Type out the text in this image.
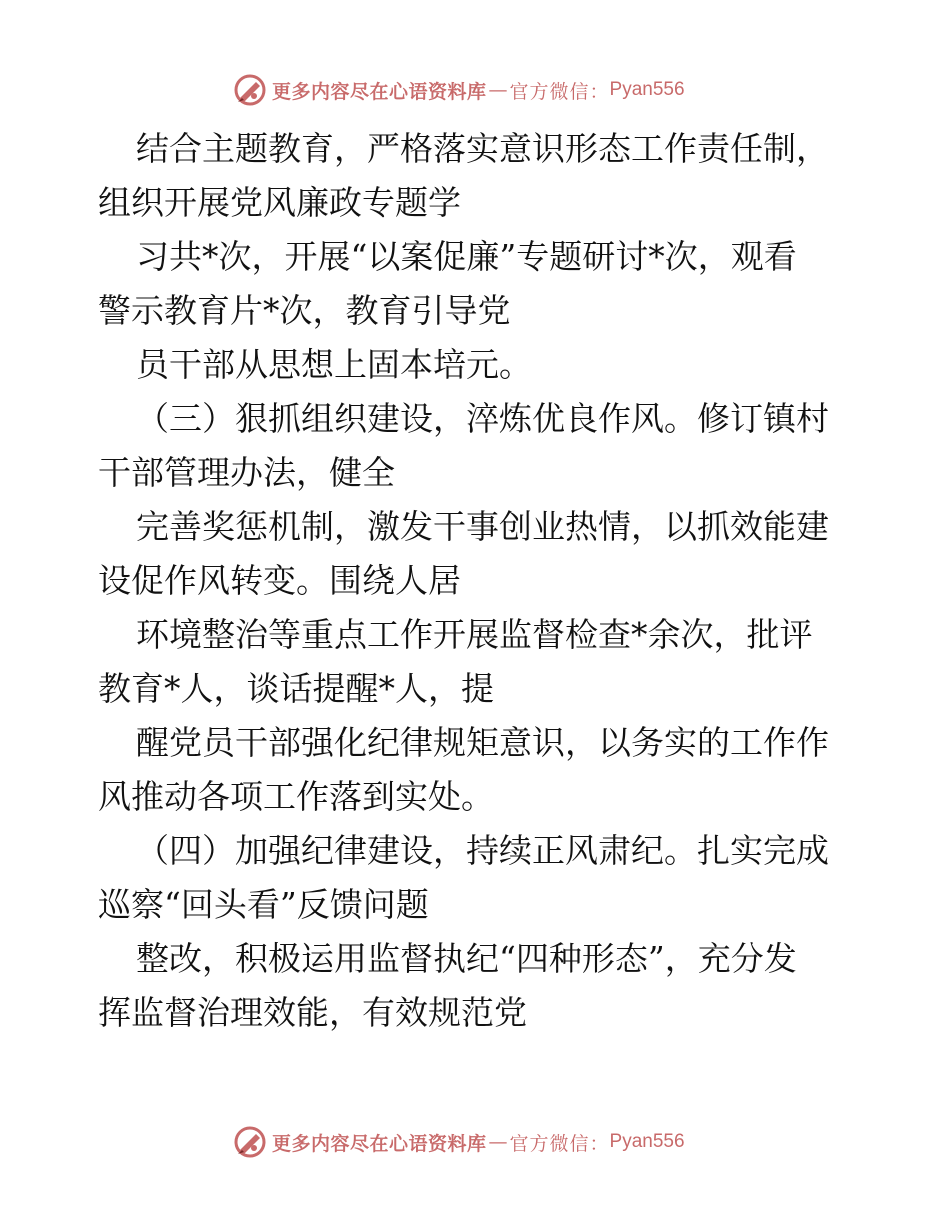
更多内容尽在心语资料库 — 官方微信： Pyan556

结合主题教育，严格落实意识形态工作责任制，

组织开展党风廉政专题学

习共*次，开展“以案促廉”专题研讨*次，观看

警示教育片*次，教育引导党

员干部从思想上固本培元。

（三）狠抓组织建设，淬炼优良作风。修订镇村

干部管理办法，健全

完善奖惩机制，激发干事创业热情，以抓效能建

设促作风转变。围绕人居

环境整治等重点工作开展监督检查*余次，批评

教育*人，谈话提醒*人，提

醒党员干部强化纪律规矩意识，以务实的工作作

风推动各项工作落到实处。

（四）加强纪律建设，持续正风肃纪。扎实完成

巡察“回头看”反馈问题

整改，积极运用监督执纪“四种形态”，充分发

挥监督治理效能，有效规范党

更多内容尽在心语资料库 — 官方微信： Pyan556
